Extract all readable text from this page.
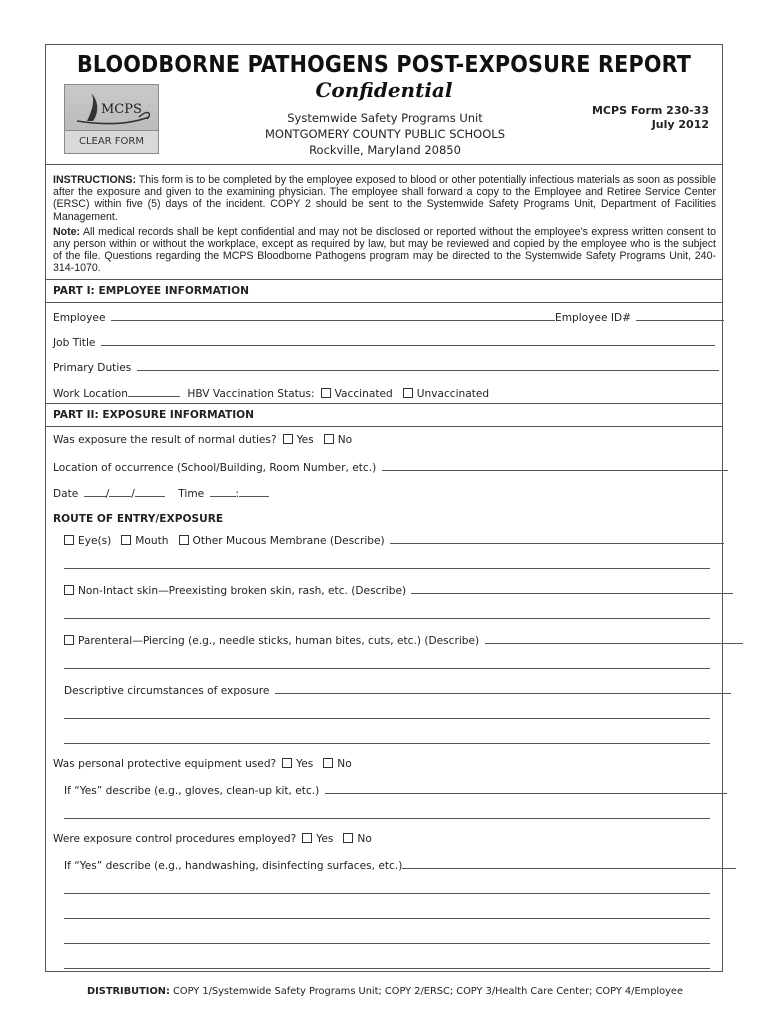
BLOODBORNE PATHOGENS POST-EXPOSURE REPORT
Confidential
MCPS
CLEAR FORM
Systemwide Safety Programs Unit
MONTGOMERY COUNTY PUBLIC SCHOOLS
Rockville, Maryland 20850
MCPS Form 230-33
July 2012

INSTRUCTIONS: This form is to be completed by the employee exposed to blood or other potentially infectious materials as soon as possible after the exposure and given to the examining physician. The employee shall forward a copy to the Employee and Retiree Service Center (ERSC) within five (5) days of the incident. COPY 2 should be sent to the Systemwide Safety Programs Unit, Department of Facilities Management.

Note: All medical records shall be kept confidential and may not be disclosed or reported without the employee’s express written consent to any person within or without the workplace, except as required by law, but may be reviewed and copied by the employee who is the subject of the file. Questions regarding the MCPS Bloodborne Pathogens program may be directed to the Systemwide Safety Programs Unit, 240-314-1070.

PART I: EMPLOYEE INFORMATION
Employee	Employee ID#
Job Title
Primary Duties
Work Location	HBV Vaccination Status: Vaccinated Unvaccinated
PART II: EXPOSURE INFORMATION
Was exposure the result of normal duties? Yes No
Location of occurrence (School/Building, Room Number, etc.)
Date	/ /	Time	:
ROUTE OF ENTRY/EXPOSURE
Eye(s) Mouth Other Mucous Membrane (Describe)
Non-Intact skin—Preexisting broken skin, rash, etc. (Describe)
Parenteral—Piercing (e.g., needle sticks, human bites, cuts, etc.) (Describe)
Descriptive circumstances of exposure
Was personal protective equipment used? Yes No
If “Yes” describe (e.g., gloves, clean-up kit, etc.)
Were exposure control procedures employed? Yes No
If “Yes” describe (e.g., handwashing, disinfecting surfaces, etc.)
DISTRIBUTION: COPY 1/Systemwide Safety Programs Unit; COPY 2/ERSC; COPY 3/Health Care Center; COPY 4/Employee
